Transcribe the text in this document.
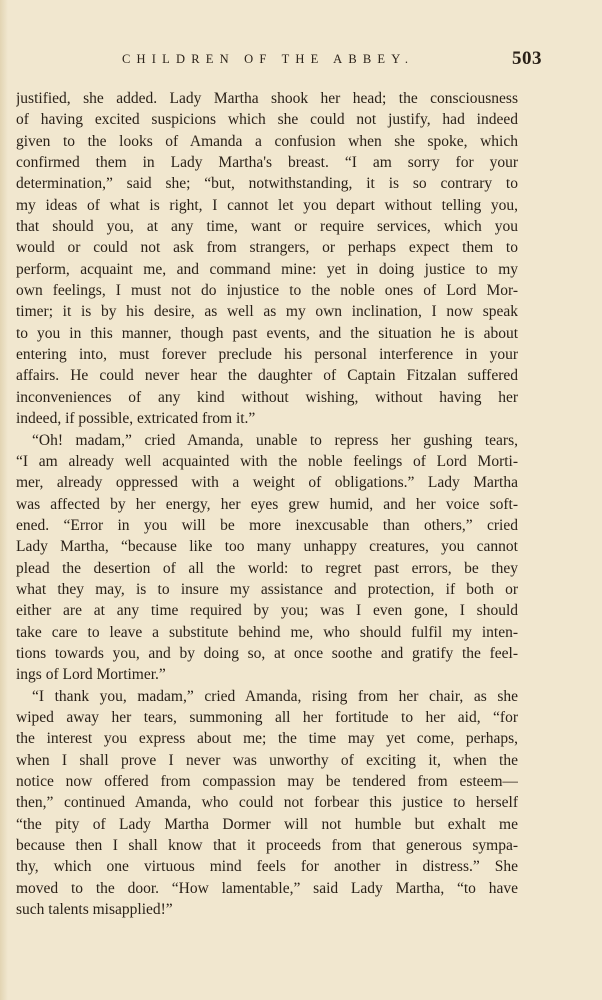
CHILDREN OF THE ABBEY.	503
justified, she added. Lady Martha shook her head; the consciousness
of having excited suspicions which she could not justify, had indeed
given to the looks of Amanda a confusion when she spoke, which
confirmed them in Lady Martha's breast. “I am sorry for your
determination,” said she; “but, notwithstanding, it is so contrary to
my ideas of what is right, I cannot let you depart without telling you,
that should you, at any time, want or require services, which you
would or could not ask from strangers, or perhaps expect them to
perform, acquaint me, and command mine: yet in doing justice to my
own feelings, I must not do injustice to the noble ones of Lord Mor-
timer; it is by his desire, as well as my own inclination, I now speak
to you in this manner, though past events, and the situation he is about
entering into, must forever preclude his personal interference in your
affairs. He could never hear the daughter of Captain Fitzalan suffered
inconveniences of any kind without wishing, without having her
indeed, if possible, extricated from it.”
“Oh! madam,” cried Amanda, unable to repress her gushing tears,
“I am already well acquainted with the noble feelings of Lord Morti-
mer, already oppressed with a weight of obligations.” Lady Martha
was affected by her energy, her eyes grew humid, and her voice soft-
ened. “Error in you will be more inexcusable than others,” cried
Lady Martha, “because like too many unhappy creatures, you cannot
plead the desertion of all the world: to regret past errors, be they
what they may, is to insure my assistance and protection, if both or
either are at any time required by you; was I even gone, I should
take care to leave a substitute behind me, who should fulfil my inten-
tions towards you, and by doing so, at once soothe and gratify the feel-
ings of Lord Mortimer.”
“I thank you, madam,” cried Amanda, rising from her chair, as she
wiped away her tears, summoning all her fortitude to her aid, “for
the interest you express about me; the time may yet come, perhaps,
when I shall prove I never was unworthy of exciting it, when the
notice now offered from compassion may be tendered from esteem—
then,” continued Amanda, who could not forbear this justice to herself
“the pity of Lady Martha Dormer will not humble but exhalt me
because then I shall know that it proceeds from that generous sympa-
thy, which one virtuous mind feels for another in distress.” She
moved to the door. “How lamentable,” said Lady Martha, “to have
such talents misapplied!”
